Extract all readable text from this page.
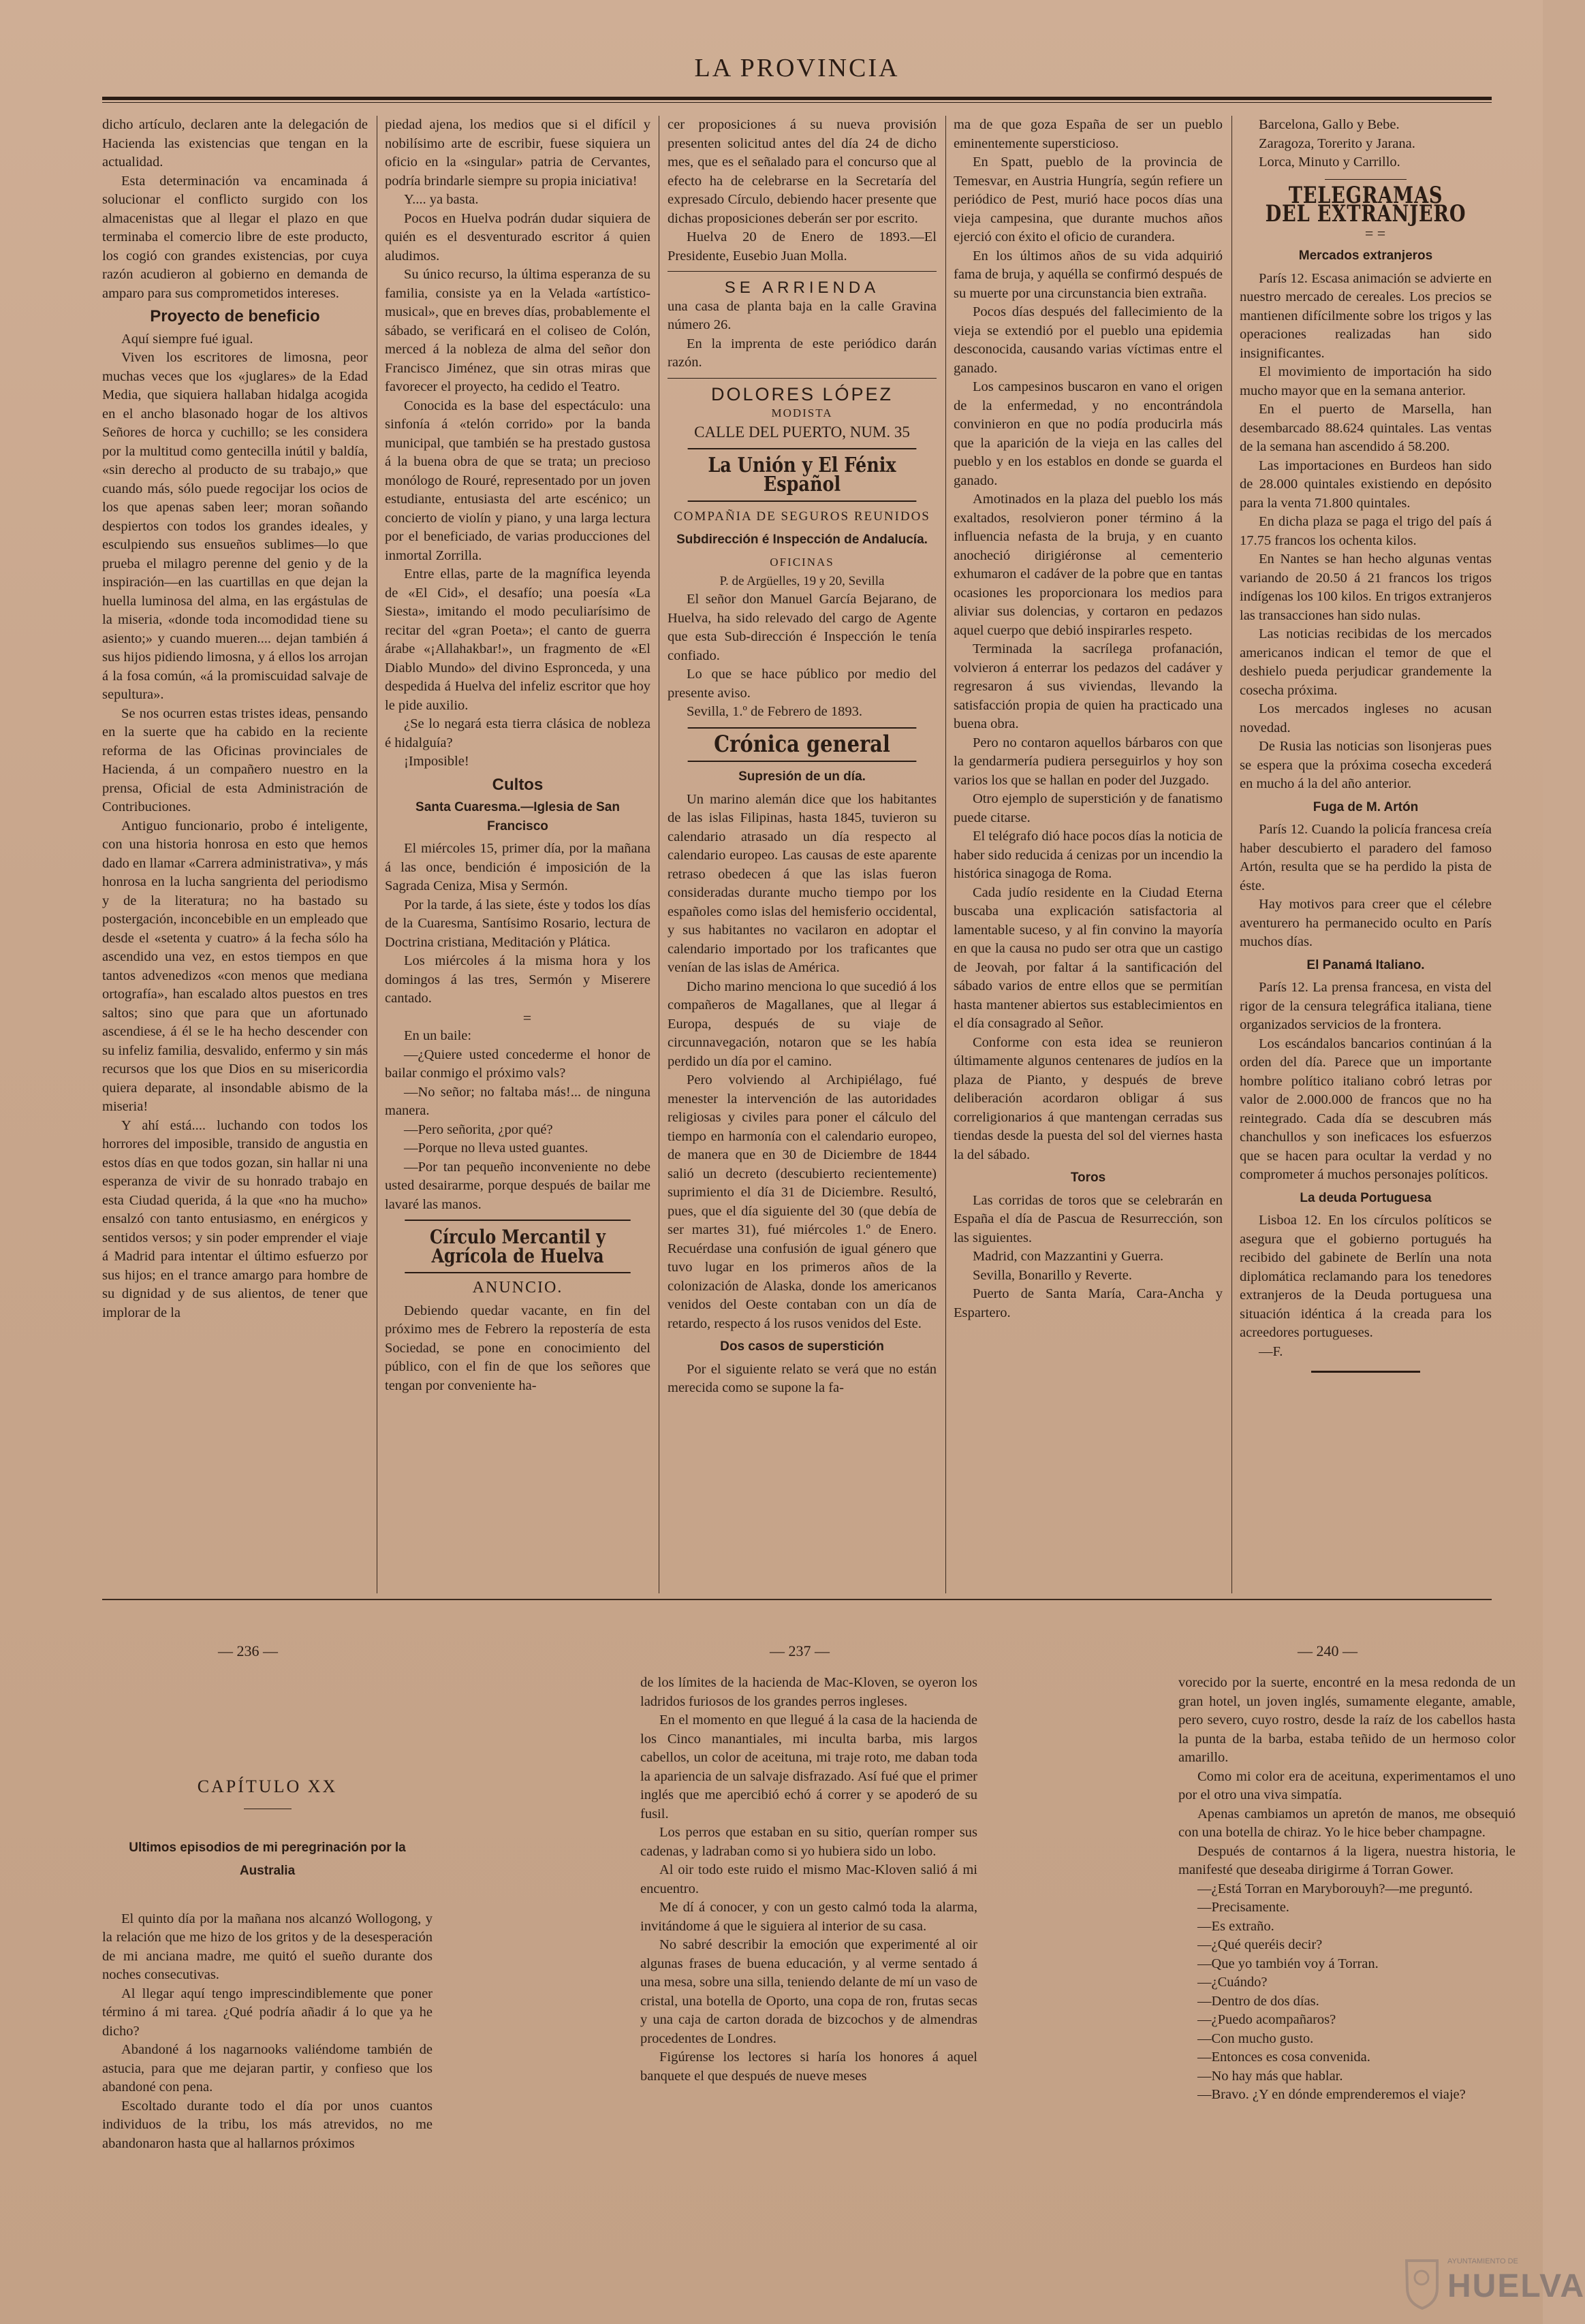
LA PROVINCIA

dicho artículo, declaren ante la delegación de Hacienda las existencias que tengan en la actualidad.

Esta determinación va encaminada á solucionar el conflicto surgido con los almacenistas que al llegar el plazo en que terminaba el comercio libre de este producto, los cogió con grandes existencias, por cuya razón acudieron al gobierno en demanda de amparo para sus comprometidos intereses.

Proyecto de beneficio

Aquí siempre fué igual.

Viven los escritores de limosna, peor muchas veces que los «juglares» de la Edad Media, que siquiera hallaban hidalga acogida en el ancho blasonado hogar de los altivos Señores de horca y cuchillo; se les considera por la multitud como gentecilla inútil y baldía, «sin derecho al producto de su trabajo,» que cuando más, sólo puede regocijar los ocios de los que apenas saben leer; moran soñando despiertos con todos los grandes ideales, y esculpiendo sus ensueños sublimes—lo que prueba el milagro perenne del genio y de la inspiración—en las cuartillas en que dejan la huella luminosa del alma, en las ergástulas de la miseria, «donde toda incomodidad tiene su asiento;» y cuando mueren.... dejan también á sus hijos pidiendo limosna, y á ellos los arrojan á la fosa común, «á la promiscuidad salvaje de sepultura».

Se nos ocurren estas tristes ideas, pensando en la suerte que ha cabido en la reciente reforma de las Oficinas provinciales de Hacienda, á un compañero nuestro en la prensa, Oficial de esta Administración de Contribuciones.

Antiguo funcionario, probo é inteligente, con una historia honrosa en esto que hemos dado en llamar «Carrera administrativa», y más honrosa en la lucha sangrienta del periodismo y de la literatura; no ha bastado su postergación, inconcebible en un empleado que desde el «setenta y cuatro» á la fecha sólo ha ascendido una vez, en estos tiempos en que tantos advenedizos «con menos que mediana ortografía», han escalado altos puestos en tres saltos; sino que para que un afortunado ascendiese, á él se le ha hecho descender con su infeliz familia, desvalido, enfermo y sin más recursos que los que Dios en su misericordia quiera deparate, al insondable abismo de la miseria!

Y ahí está.... luchando con todos los horrores del imposible, transido de angustia en estos días en que todos gozan, sin hallar ni una esperanza de vivir de su honrado trabajo en esta Ciudad querida, á la que «no ha mucho» ensalzó con tanto entusiasmo, en enérgicos y sentidos versos; y sin poder emprender el viaje á Madrid para intentar el último esfuerzo por sus hijos; en el trance amargo para hombre de su dignidad y de sus alientos, de tener que implorar de la

piedad ajena, los medios que si el difícil y nobilísimo arte de escribir, fuese siquiera un oficio en la «singular» patria de Cervantes, podría brindarle siempre su propia iniciativa!

Y.... ya basta.

Pocos en Huelva podrán dudar siquiera de quién es el desventurado escritor á quien aludimos.

Su único recurso, la última esperanza de su familia, consiste ya en la Velada «artístico-musical», que en breves días, probablemente el sábado, se verificará en el coliseo de Colón, merced á la nobleza de alma del señor don Francisco Jiménez, que sin otras miras que favorecer el proyecto, ha cedido el Teatro.

Conocida es la base del espectáculo: una sinfonía á «telón corrido» por la banda municipal, que también se ha prestado gustosa á la buena obra de que se trata; un precioso monólogo de Rouré, representado por un joven estudiante, entusiasta del arte escénico; un concierto de violín y piano, y una larga lectura por el beneficiado, de varias producciones del inmortal Zorrilla.

Entre ellas, parte de la magnífica leyenda de «El Cid», el desafío; una poesía «La Siesta», imitando el modo peculiarísimo de recitar del «gran Poeta»; el canto de guerra árabe «¡Allahakbar!», un fragmento de «El Diablo Mundo» del divino Espronceda, y una despedida á Huelva del infeliz escritor que hoy le pide auxilio.

¿Se lo negará esta tierra clásica de nobleza é hidalguía?

¡Imposible!

Cultos
Santa Cuaresma.—Iglesia de San Francisco

El miércoles 15, primer día, por la mañana á las once, bendición é imposición de la Sagrada Ceniza, Misa y Sermón.

Por la tarde, á las siete, éste y todos los días de la Cuaresma, Santísimo Rosario, lectura de Doctrina cristiana, Meditación y Plática.

Los miércoles á la misma hora y los domingos á las tres, Sermón y Miserere cantado.

=

En un baile:

—¿Quiere usted concederme el honor de bailar conmigo el próximo vals?

—No señor; no faltaba más!... de ninguna manera.

—Pero señorita, ¿por qué?

—Porque no lleva usted guantes.

—Por tan pequeño inconveniente no debe usted desairarme, porque después de bailar me lavaré las manos.

Círculo Mercantil y Agrícola de Huelva
ANUNCIO.

Debiendo quedar vacante, en fin del próximo mes de Febrero la repostería de esta Sociedad, se pone en conocimiento del público, con el fin de que los señores que tengan por conveniente ha-

cer proposiciones á su nueva provisión presenten solicitud antes del día 24 de dicho mes, que es el señalado para el concurso que al efecto ha de celebrarse en la Secretaría del expresado Círculo, debiendo hacer presente que dichas proposiciones deberán ser por escrito.

Huelva 20 de Enero de 1893.—El Presidente, Eusebio Juan Molla.

SE ARRIENDA

una casa de planta baja en la calle Gravina número 26.

En la imprenta de este periódico darán razón.

DOLORES LÓPEZ
MODISTA
CALLE DEL PUERTO, NUM. 35
La Unión y El Fénix Español
COMPAÑIA DE SEGUROS REUNIDOS
Subdirección é Inspección de Andalucía.
OFICINAS
P. de Argüelles, 19 y 20, Sevilla

El señor don Manuel García Bejarano, de Huelva, ha sido relevado del cargo de Agente que esta Sub-dirección é Inspección le tenía confiado.

Lo que se hace público por medio del presente aviso.

Sevilla, 1.º de Febrero de 1893.

Crónica general
Supresión de un día.

Un marino alemán dice que los habitantes de las islas Filipinas, hasta 1845, tuvieron su calendario atrasado un día respecto al calendario europeo. Las causas de este aparente retraso obedecen á que las islas fueron consideradas durante mucho tiempo por los españoles como islas del hemisferio occidental, y sus habitantes no vacilaron en adoptar el calendario importado por los traficantes que venían de las islas de América.

Dicho marino menciona lo que sucedió á los compañeros de Magallanes, que al llegar á Europa, después de su viaje de circunnavegación, notaron que se les había perdido un día por el camino.

Pero volviendo al Archipiélago, fué menester la intervención de las autoridades religiosas y civiles para poner el cálculo del tiempo en harmonía con el calendario europeo, de manera que en 30 de Diciembre de 1844 salió un decreto (descubierto recientemente) suprimiento el día 31 de Diciembre. Resultó, pues, que el día siguiente del 30 (que debía de ser martes 31), fué miércoles 1.º de Enero. Recuérdase una confusión de igual género que tuvo lugar en los primeros años de la colonización de Alaska, donde los americanos venidos del Oeste contaban con un día de retardo, respecto á los rusos venidos del Este.

Dos casos de superstición

Por el siguiente relato se verá que no están merecida como se supone la fa-

ma de que goza España de ser un pueblo eminentemente supersticioso.

En Spatt, pueblo de la provincia de Temesvar, en Austria Hungría, según refiere un periódico de Pest, murió hace pocos días una vieja campesina, que durante muchos años ejerció con éxito el oficio de curandera.

En los últimos años de su vida adquirió fama de bruja, y aquélla se confirmó después de su muerte por una circunstancia bien extraña.

Pocos días después del fallecimiento de la vieja se extendió por el pueblo una epidemia desconocida, causando varias víctimas entre el ganado.

Los campesinos buscaron en vano el origen de la enfermedad, y no encontrándola convinieron en que no podía producirla más que la aparición de la vieja en las calles del pueblo y en los establos en donde se guarda el ganado.

Amotinados en la plaza del pueblo los más exaltados, resolvieron poner término á la influencia nefasta de la bruja, y en cuanto anocheció dirigiéronse al cementerio exhumaron el cadáver de la pobre que en tantas ocasiones les proporcionara los medios para aliviar sus dolencias, y cortaron en pedazos aquel cuerpo que debió inspirarles respeto.

Terminada la sacrílega profanación, volvieron á enterrar los pedazos del cadáver y regresaron á sus viviendas, llevando la satisfacción propia de quien ha practicado una buena obra.

Pero no contaron aquellos bárbaros con que la gendarmería pudiera perseguirlos y hoy son varios los que se hallan en poder del Juzgado.

Otro ejemplo de superstición y de fanatismo puede citarse.

El telégrafo dió hace pocos días la noticia de haber sido reducida á cenizas por un incendio la histórica sinagoga de Roma.

Cada judío residente en la Ciudad Eterna buscaba una explicación satisfactoria al lamentable suceso, y al fin convino la mayoría en que la causa no pudo ser otra que un castigo de Jeovah, por faltar á la santificación del sábado varios de entre ellos que se permitían hasta mantener abiertos sus establecimientos en el día consagrado al Señor.

Conforme con esta idea se reunieron últimamente algunos centenares de judíos en la plaza de Pianto, y después de breve deliberación acordaron obligar á sus correligionarios á que mantengan cerradas sus tiendas desde la puesta del sol del viernes hasta la del sábado.

Toros

Las corridas de toros que se celebrarán en España el día de Pascua de Resurrección, son las siguientes.

Madrid, con Mazzantini y Guerra.

Sevilla, Bonarillo y Reverte.

Puerto de Santa María, Cara-Ancha y Espartero.

Barcelona, Gallo y Bebe.

Zaragoza, Torerito y Jarana.

Lorca, Minuto y Carrillo.

TELEGRAMAS DEL EXTRANJERO

= =

Mercados extranjeros

París 12. Escasa animación se advierte en nuestro mercado de cereales. Los precios se mantienen difícilmente sobre los trigos y las operaciones realizadas han sido insignificantes.

El movimiento de importación ha sido mucho mayor que en la semana anterior.

En el puerto de Marsella, han desembarcado 88.624 quintales. Las ventas de la semana han ascendido á 58.200.

Las importaciones en Burdeos han sido de 28.000 quintales existiendo en depósito para la venta 71.800 quintales.

En dicha plaza se paga el trigo del país á 17.75 francos los ochenta kilos.

En Nantes se han hecho algunas ventas variando de 20.50 á 21 francos los trigos indígenas los 100 kilos. En trigos extranjeros las transacciones han sido nulas.

Las noticias recibidas de los mercados americanos indican el temor de que el deshielo pueda perjudicar grandemente la cosecha próxima.

Los mercados ingleses no acusan novedad.

De Rusia las noticias son lisonjeras pues se espera que la próxima cosecha excederá en mucho á la del año anterior.

Fuga de M. Artón

París 12. Cuando la policía francesa creía haber descubierto el paradero del famoso Artón, resulta que se ha perdido la pista de éste.

Hay motivos para creer que el célebre aventurero ha permanecido oculto en París muchos días.

El Panamá Italiano.

París 12. La prensa francesa, en vista del rigor de la censura telegráfica italiana, tiene organizados servicios de la frontera.

Los escándalos bancarios continúan á la orden del día. Parece que un importante hombre político italiano cobró letras por valor de 2.000.000 de francos que no ha reintegrado. Cada día se descubren más chanchullos y son ineficaces los esfuerzos que se hacen para ocultar la verdad y no comprometer á muchos personajes políticos.

La deuda Portuguesa

Lisboa 12. En los círculos políticos se asegura que el gobierno portugués ha recibido del gabinete de Berlín una nota diplomática reclamando para los tenedores extranjeros de la Deuda portuguesa una situación idéntica á la creada para los acreedores portugueses.

—F.

— 236 —	— 237 —	— 240 —
CAPÍTULO XX
Ultimos episodios de mi peregrinación por la Australia

El quinto día por la mañana nos alcanzó Wollogong, y la relación que me hizo de los gritos y de la desesperación de mi anciana madre, me quitó el sueño durante dos noches consecutivas.

Al llegar aquí tengo imprescindiblemente que poner término á mi tarea. ¿Qué podría añadir á lo que ya he dicho?

Abandoné á los nagarnooks valiéndome también de astucia, para que me dejaran partir, y confieso que los abandoné con pena.

Escoltado durante todo el día por unos cuantos individuos de la tribu, los más atrevidos, no me abandonaron hasta que al hallarnos próximos

de los límites de la hacienda de Mac-Kloven, se oyeron los ladridos furiosos de los grandes perros ingleses.

En el momento en que llegué á la casa de la hacienda de los Cinco manantiales, mi inculta barba, mis largos cabellos, un color de aceituna, mi traje roto, me daban toda la apariencia de un salvaje disfrazado. Así fué que el primer inglés que me apercibió echó á correr y se apoderó de su fusil.

Los perros que estaban en su sitio, querían romper sus cadenas, y ladraban como si yo hubiera sido un lobo.

Al oir todo este ruido el mismo Mac-Kloven salió á mi encuentro.

Me dí á conocer, y con un gesto calmó toda la alarma, invitándome á que le siguiera al interior de su casa.

No sabré describir la emoción que experimenté al oir algunas frases de buena educación, y al verme sentado á una mesa, sobre una silla, teniendo delante de mí un vaso de cristal, una botella de Oporto, una copa de ron, frutas secas y una caja de carton dorada de bizcochos y de almendras procedentes de Londres.

Figúrense los lectores si haría los honores á aquel banquete el que después de nueve meses

vorecido por la suerte, encontré en la mesa redonda de un gran hotel, un joven inglés, sumamente elegante, amable, pero severo, cuyo rostro, desde la raíz de los cabellos hasta la punta de la barba, estaba teñido de un hermoso color amarillo.

Como mi color era de aceituna, experimentamos el uno por el otro una viva simpatía.

Apenas cambiamos un apretón de manos, me obsequió con una botella de chiraz. Yo le hice beber champagne.

Después de contarnos á la ligera, nuestra historia, le manifesté que deseaba dirigirme á Torran Gower.

—¿Está Torran en Maryborouyh?—me preguntó.

—Precisamente.

—Es extraño.

—¿Qué queréis decir?

—Que yo también voy á Torran.

—¿Cuándo?

—Dentro de dos días.

—¿Puedo acompañaros?

—Con mucho gusto.

—Entonces es cosa convenida.

—No hay más que hablar.

—Bravo. ¿Y en dónde emprenderemos el viaje?

AYUNTAMIENTO DE
HUELVA
